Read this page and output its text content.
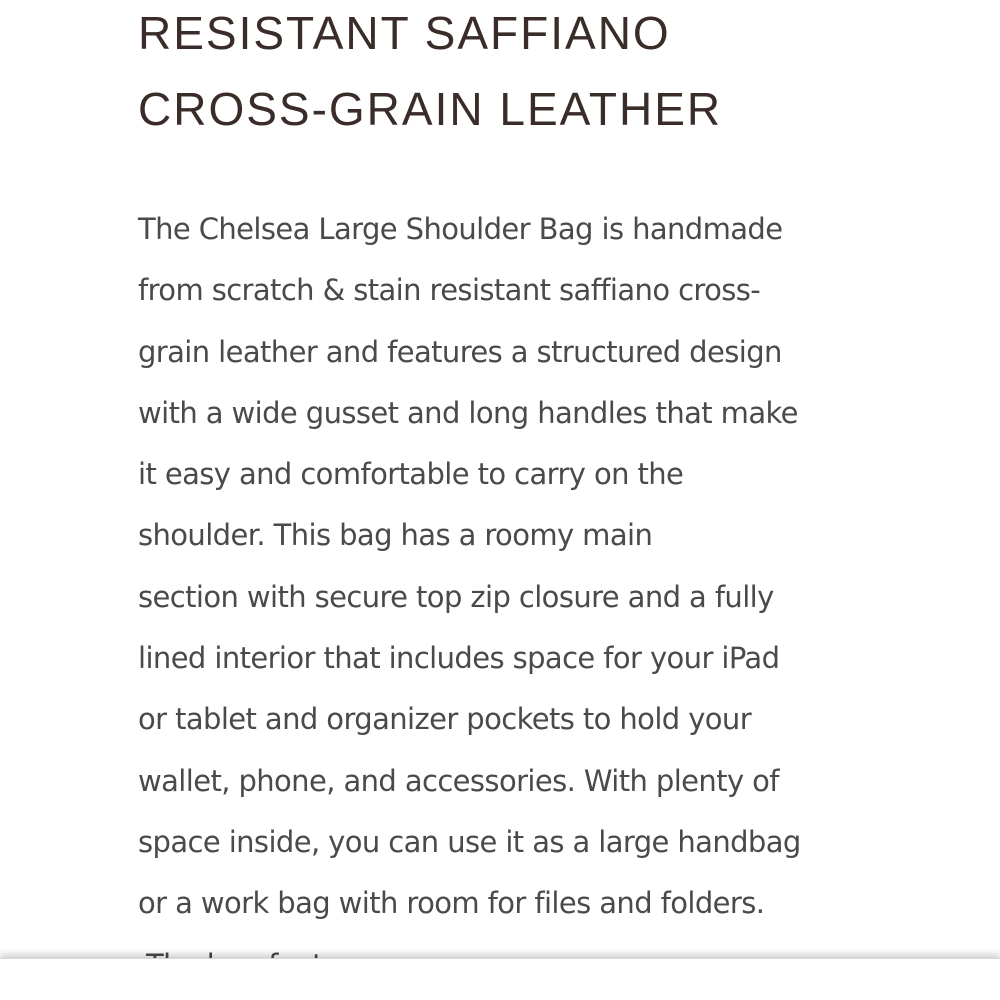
RESISTANT SAFFIANO
CROSS-GRAIN LEATHER
The Chelsea Large Shoulder Bag is handmade
from scratch & stain resistant saffiano cross-
grain leather and features a structured design
with a wide gusset and long handles that make
it easy and comfortable to carry on the
shoulder. This bag has a roomy main
section with secure top zip closure and a fully
lined interior that includes space for your iPad
or tablet and organizer pockets to hold your
wallet, phone, and accessories. With plenty of
space inside, you can use it as a large handbag
or a work bag with room for files and folders.
